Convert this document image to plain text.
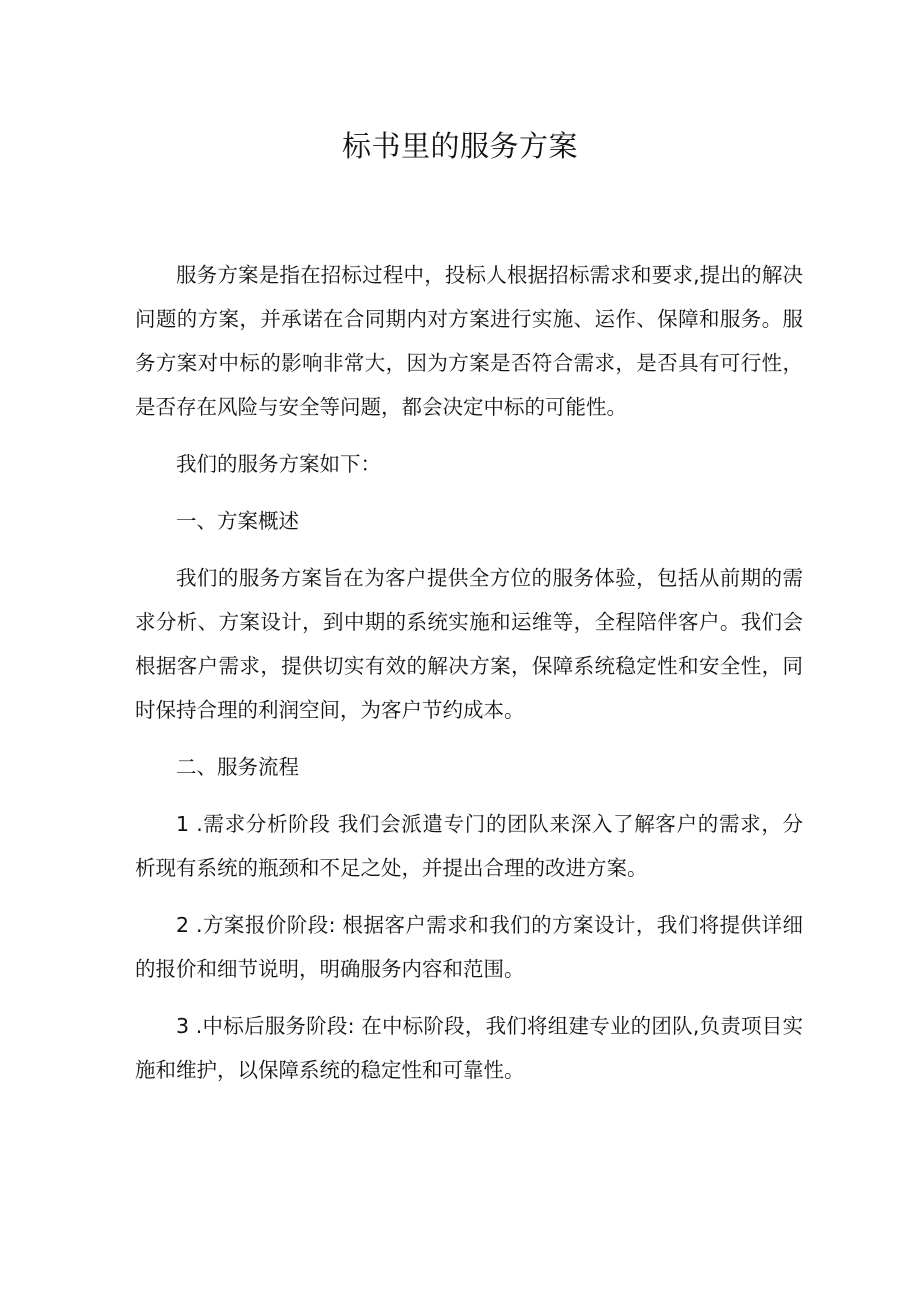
标书里的服务方案

服务方案是指在招标过程中，投标人根据招标需求和要求,提出的解决问题的方案，并承诺在合同期内对方案进行实施、运作、保障和服务。服务方案对中标的影响非常大，因为方案是否符合需求，是否具有可行性，是否存在风险与安全等问题，都会决定中标的可能性。

我们的服务方案如下：

一、方案概述

我们的服务方案旨在为客户提供全方位的服务体验，包括从前期的需求分析、方案设计，到中期的系统实施和运维等，全程陪伴客户。我们会根据客户需求，提供切实有效的解决方案，保障系统稳定性和安全性，同时保持合理的利润空间，为客户节约成本。

二、服务流程

1 .需求分析阶段 我们会派遣专门的团队来深入了解客户的需求，分析现有系统的瓶颈和不足之处，并提出合理的改进方案。

2 .方案报价阶段: 根据客户需求和我们的方案设计，我们将提供详细的报价和细节说明，明确服务内容和范围。

3 .中标后服务阶段: 在中标阶段，我们将组建专业的团队,负责项目实施和维护，以保障系统的稳定性和可靠性。
